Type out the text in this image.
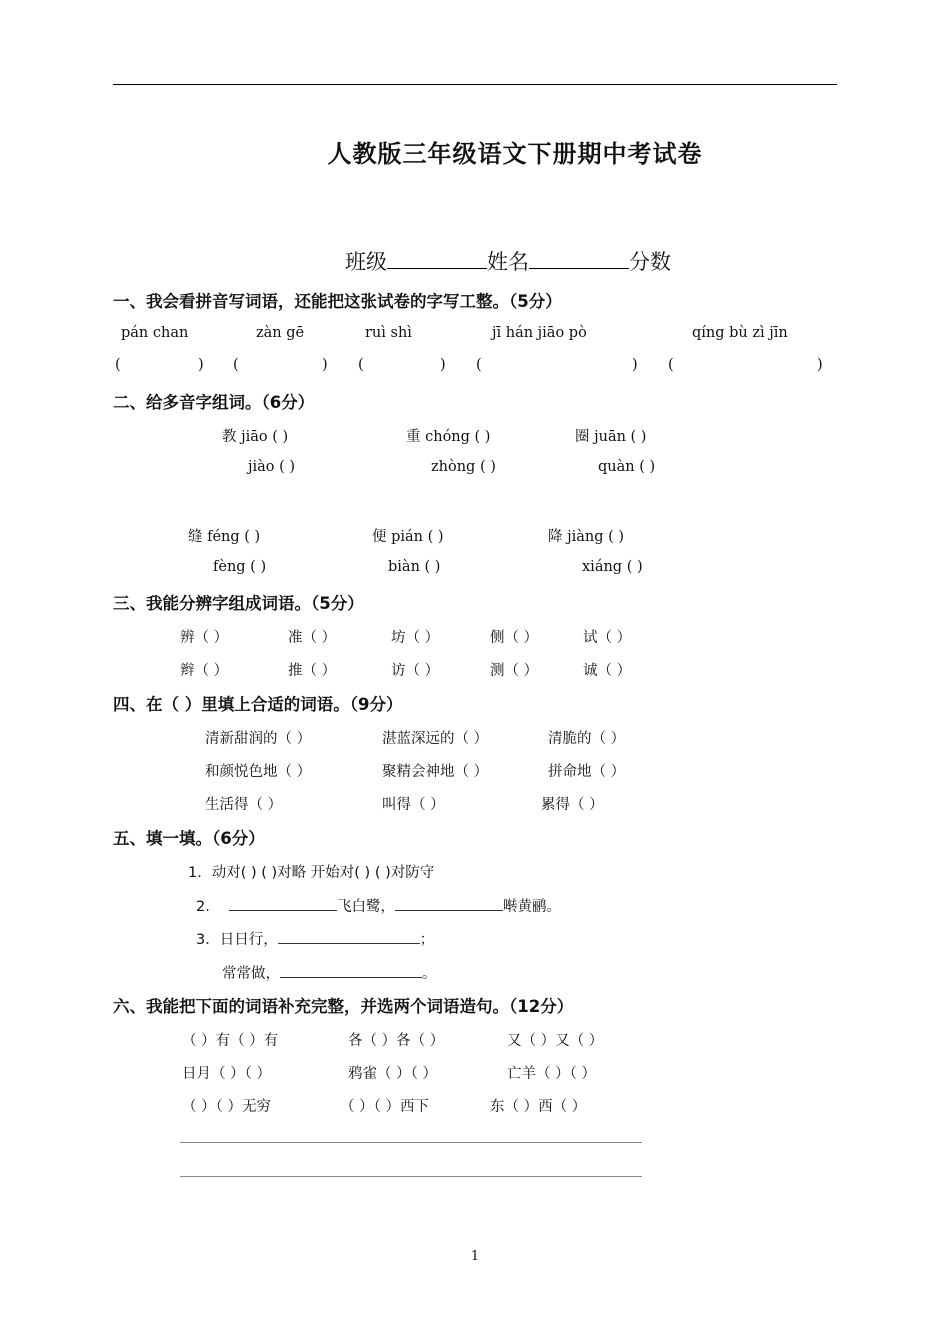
人教版三年级语文下册期中考试卷
班级	姓名	分数
一、我会看拼音写词语，还能把这张试卷的字写工整。（5分）
pán chan	zàn gē	ruì shì	jī hán jiāo pò	qíng bù zì jīn
(	) (	) (	) (	) (	)
二、给多音字组词。（6分）
教 jiāo ( )	重 chóng ( )	圈 juān ( )
jiào ( )	zhòng ( )	quàn ( )
缝 féng ( )	便 pián ( )	降 jiàng ( )
fèng ( )	biàn ( )	xiáng ( )
三、我能分辨字组成词语。（5分）
辨（ ）	准（ ）	坊（ ）	侧（ ）	试（ ）
辫（ ）	推（ ）	访（ ）	测（ ）	诚（ ）
四、在（ ）里填上合适的词语。（9分）
清新甜润的（ ）	湛蓝深远的（ ）	清脆的（ ）
和颜悦色地（ ）	聚精会神地（ ）	拼命地（ ）
生活得（ ）	叫得（ ）	累得（ ）
五、填一填。（6分）
1．动对( ) ( )对略 开始对( ) ( )对防守
2．	飞白鹭，	啭黄鹂。
3．日日行，	；
常常做，	。
六、我能把下面的词语补充完整，并选两个词语造句。（12分）
（ ）有（ ）有	各（ ）各（ ）	又（ ）又（ ）
日月（ ）（ ）	鸦雀（ ）（ ）	亡羊（ ）（ ）
（ ）（ ）无穷	（ ）（ ）西下	东（ ）西（ ）
1
